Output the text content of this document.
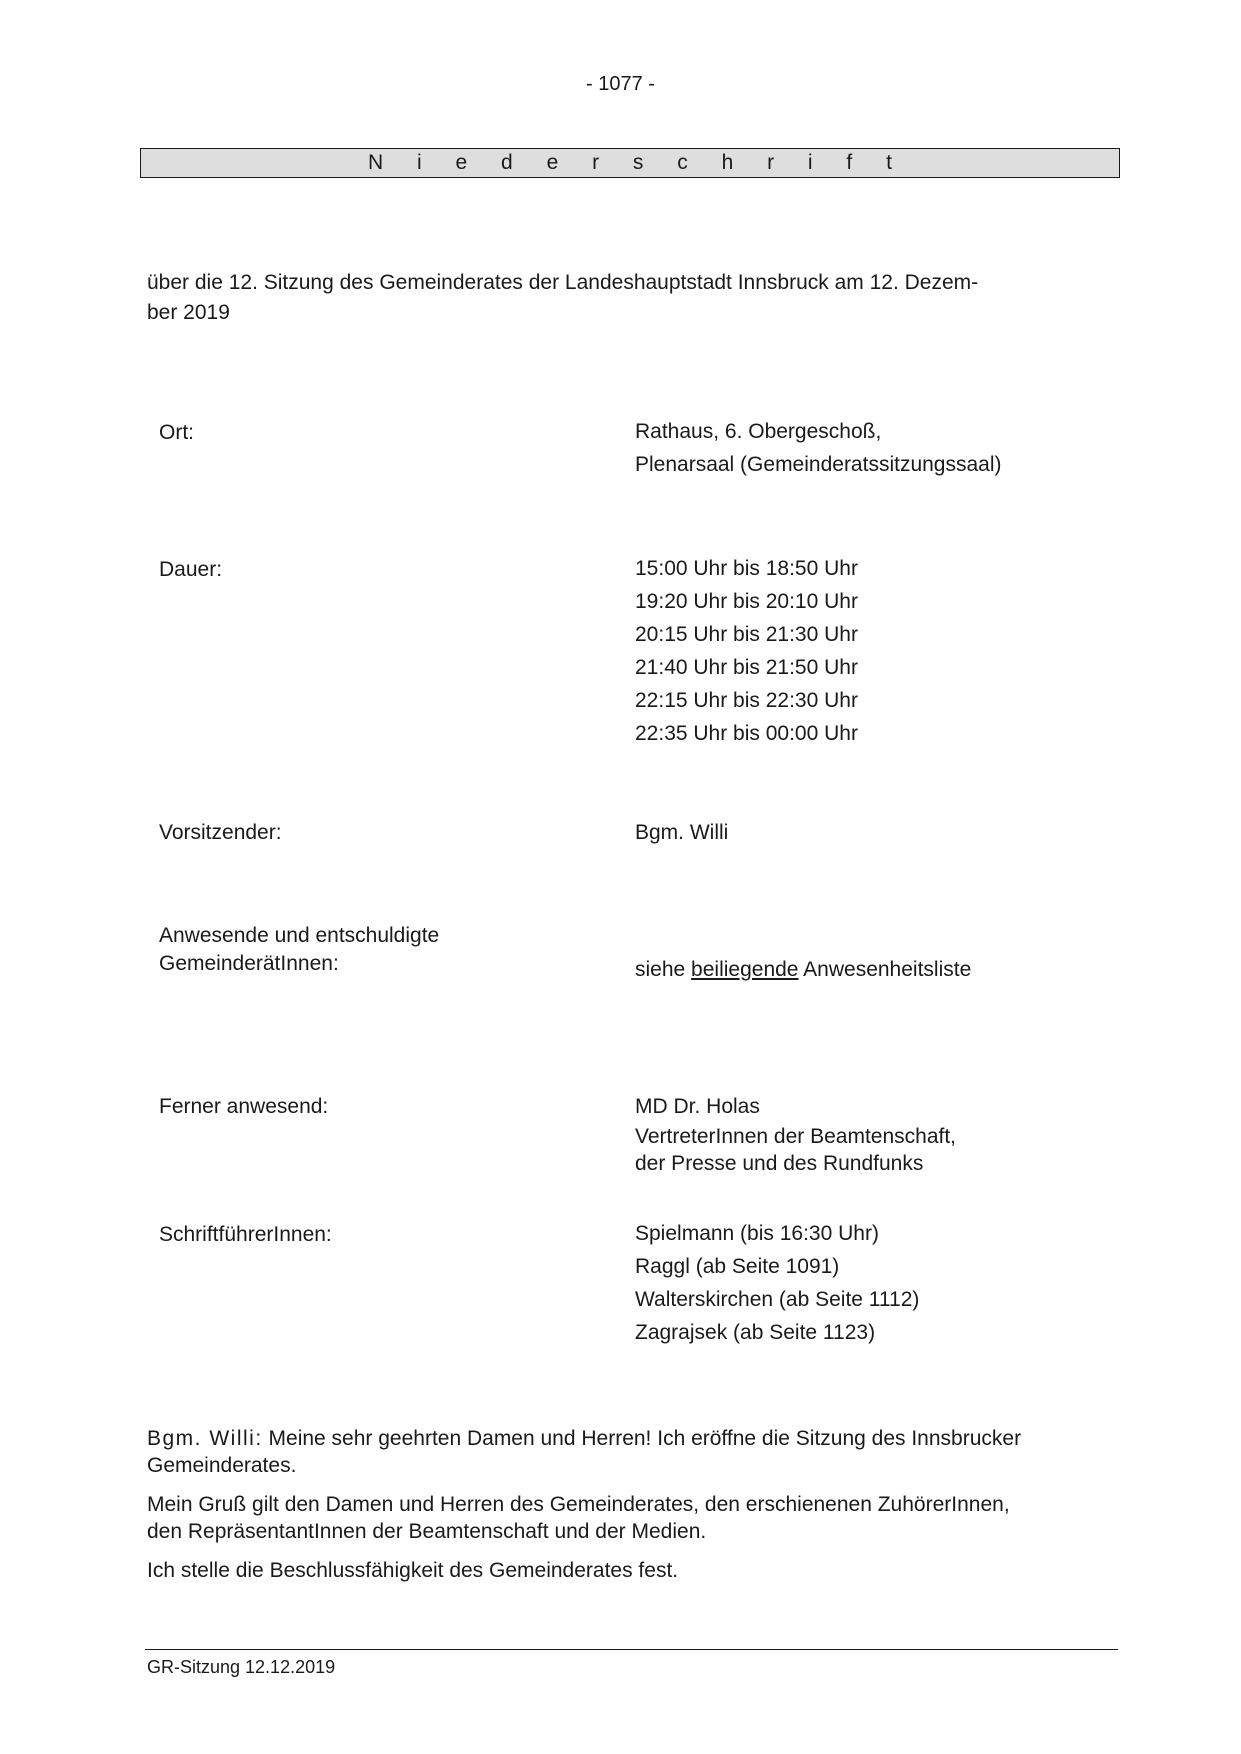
- 1077 -
N i e d e r s c h r i f t
über die 12. Sitzung des Gemeinderates der Landeshauptstadt Innsbruck am 12. Dezem-
ber 2019
Ort:	Rathaus, 6. Obergeschoß,
Plenarsaal (Gemeinderatssitzungssaal)
Dauer:	15:00 Uhr bis 18:50 Uhr
19:20 Uhr bis 20:10 Uhr
20:15 Uhr bis 21:30 Uhr
21:40 Uhr bis 21:50 Uhr
22:15 Uhr bis 22:30 Uhr
22:35 Uhr bis 00:00 Uhr
Vorsitzender:	Bgm. Willi
Anwesende und entschuldigte
GemeinderätInnen:	siehe beiliegende Anwesenheitsliste
Ferner anwesend:	MD Dr. Holas
VertreterInnen der Beamtenschaft,
der Presse und des Rundfunks
SchriftführerInnen:	Spielmann (bis 16:30 Uhr)
Raggl (ab Seite 1091)
Walterskirchen (ab Seite 1112)
Zagrajsek (ab Seite 1123)
Bgm. Willi: Meine sehr geehrten Damen und Herren! Ich eröffne die Sitzung des Innsbrucker
Gemeinderates.
Mein Gruß gilt den Damen und Herren des Gemeinderates, den erschienenen ZuhörerInnen,
den RepräsentantInnen der Beamtenschaft und der Medien.
Ich stelle die Beschlussfähigkeit des Gemeinderates fest.
GR-Sitzung 12.12.2019
